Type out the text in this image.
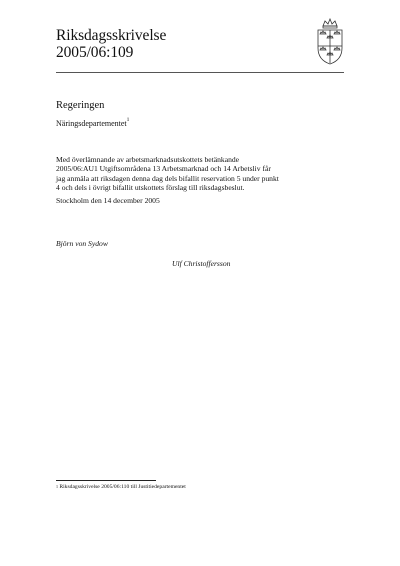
Riksdagsskrivelse
2005/06:109
Regeringen
Näringsdepartementet$^1$
Med överlämnande av arbetsmarknadsutskottets betänkande
2005/06:AU1 Utgiftsområdena 13 Arbetsmarknad och 14 Arbetsliv får
jag anmäla att riksdagen denna dag dels bifallit reservation 5 under punkt
4 och dels i övrigt bifallit utskottets förslag till riksdagsbeslut.
Stockholm den 14 december 2005
Björn von Sydow
Ulf Christoffersson
$^1$ Riksdagsskrivelse 2005/06:110 till Justitiedepartementet
